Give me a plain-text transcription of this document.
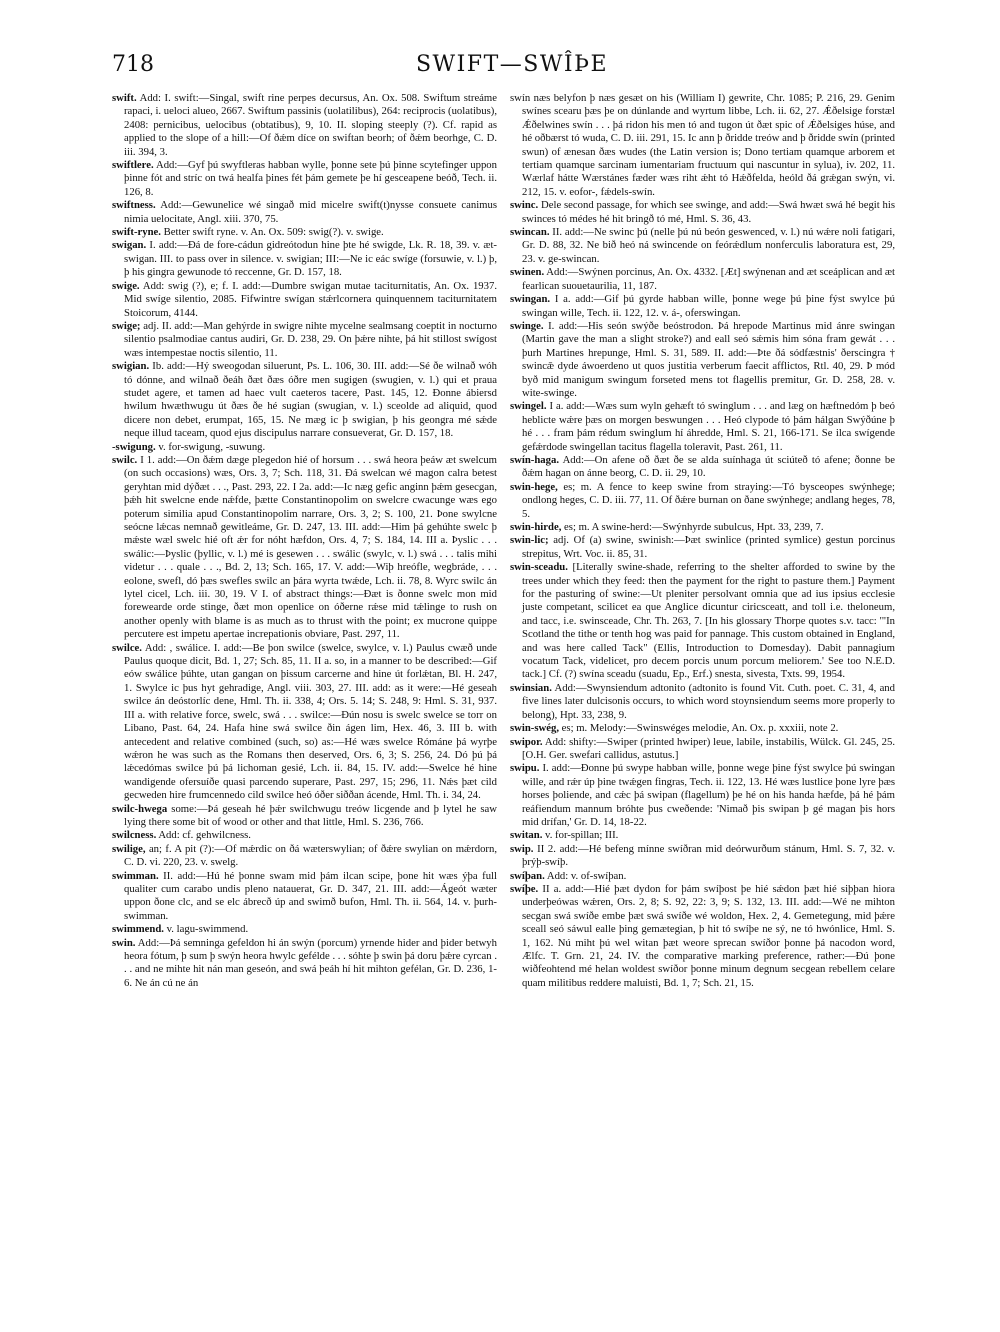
718	SWIFT—SWÎÞE

swift. Add: I. swift:—Singal, swift rine perpes decursus, An. Ox. 508. Swiftum streáme rapaci, i. ueloci alueo, 2667. Swiftum passinis (uolatilibus), 264: reciprocis (uolatibus), 2408: pernicibus, uelocibus (obtatibus), 9, 10. II. sloping steeply (?). Cf. rapid as applied to the slope of a hill:—Of ðǽm díce on swiftan beorh; of ðǽm beorhge, C. D. iii. 394, 3.

swiftlere. Add:—Gyf þú swyftleras habban wylle, þonne sete þú þinne scytefinger uppon þinne fót and stríc on twá healfa þines fét þám gemete þe hí gesceapene beóð, Tech. ii. 126, 8.

swiftness. Add:—Gewunelice wé singað mid micelre swift(t)nysse consuete canimus nimia uelocitate, Angl. xiii. 370, 75.

swift-ryne. Better swift ryne. v. An. Ox. 509: swig(?). v. swige.

swigan. I. add:—Ðá de fore-cádun gidreótodun hine þte hé swigde, Lk. R. 18, 39. v. æt-swigan. III. to pass over in silence. v. swigian; III:—Ne ic eác swíge (forsuwie, v. l.) þ, þ his gingra gewunode tó reccenne, Gr. D. 157, 18.

swige. Add: swig (?), e; f. I. add:—Dumbre swigan mutae taciturnitatis, An. Ox. 1937. Mid swíge silentio, 2085. Fifwintre swígan stǽrlcornera quinquennem taciturnitatem Stoicorum, 4144.

swige; adj. II. add:—Man gehýrde in swigre nihte mycelne sealmsang coeptit in nocturno silentio psalmodiae cantus audiri, Gr. D. 238, 29. On þǽre nihte, þá hit stillost swígost wæs intempestae noctis silentio, 11.

swigian. Ib. add:—Hý sweogodan siluerunt, Ps. L. 106, 30. III. add:—Sé ðe wilnað wóh tó dónne, and wilnað ðeáh ðæt ðæs óðre men sugigen (swugien, v. l.) qui et praua studet agere, et tamen ad haec vult caeteros tacere, Past. 145, 12. Ðonne ábiersd hwilum hwæthwugu út ðæs ðe hé sugian (swugian, v. l.) sceolde ad aliquid, quod dicere non debet, erumpat, 165, 15. Ne mæg ic þ swigian, þ his geongra mé sǽde neque illud taceam, quod ejus discipulus narrare consueverat, Gr. D. 157, 18.

-swigung. v. for-swigung, -suwung.

swilc. I 1. add:—On ðǽm dæge plegedon hié of horsum . . . swá heora þeáw æt swelcum (on such occasions) wæs, Ors. 3, 7; Sch. 118, 31. Ðá swelcan wé magon calra betest geryhtan mid dýðæt . . ., Past. 293, 22. I 2a. add:—Ic næg gefic anginn þǽm gesecgan, þǽh hit swelcne ende nǽfde, þætte Constantinopolim on swelcre cwacunge wæs ego poterum similia apud Constantinopolim narrare, Ors. 3, 2; S. 100, 21. Þone swylcne seócne lǽcas nemnað gewitleáme, Gr. D. 247, 13. III. add:—Him þá gehúhte swelc þ mǽste wæl swelc hié oft ǽr for nóht hæfdon, Ors. 4, 7; S. 184, 14. III a. Þyslic . . . swálic:—Þyslic (þyllic, v. l.) mé is gesewen . . . swálic (swylc, v. l.) swá . . . talis mihi videtur . . . quale . . ., Bd. 2, 13; Sch. 165, 17. V. add:—Wiþ hreófle, wegbráde, . . . eolone, swefl, dó þæs swefles swilc an þára wyrta twǽde, Lch. ii. 78, 8. Wyrc swilc án lytel cicel, Lch. iii. 30, 19. V I. of abstract things:—Ðæt is ðonne swelc mon mid forewearde orde stinge, ðæt mon openlice on óðerne rǽse mid tǽlinge to rush on another openly with blame is as much as to thrust with the point; ex mucrone quippe percutere est impetu apertae increpationis obviare, Past. 297, 11.

swilce. Add: , swálice. I. add:—Be þon swilce (swelce, swylce, v. l.) Paulus cwæð unde Paulus quoque dicit, Bd. 1, 27; Sch. 85, 11. II a. so, in a manner to be described:—Gif eów swálice þúhte, utan gangan on þissum carcerne and hine út forlǽtan, Bl. H. 247, 1. Swylce ic þus hyt gehradige, Angl. viii. 303, 27. III. add: as it were:—Hé geseah swilce án deóstorlíc dene, Hml. Th. ii. 338, 4; Ors. 5. 14; S. 248, 9: Hml. S. 31, 937. III a. with relative force, swelc, swá . . . swilce:—Ðún nosu is swelc swelce se torr on Libano, Past. 64, 24. Hafa hine swá swilce ðin ágen lim, Hex. 46, 3. III b. with antecedent and relative combined (such, so) as:—Hé wæs swelce Rómáne þá wyrþe wǽron he was such as the Romans then deserved, Ors. 6, 3; S. 256, 24. Dó þú þá lǽcedómas swilce þú þá lichoman gesié, Lch. ii. 84, 15. IV. add:—Swelce hé hine wandigende ofersuíðe quasi parcendo superare, Past. 297, 15; 296, 11. Nǽs þæt cild gecweden hire frumcennedo cild swilce heó óðer siððan ácende, Hml. Th. i. 34, 24.

swilc-hwega some:—Þá geseah hé þǽr swilchwugu treów licgende and þ lytel he saw lying there some bit of wood or other and that little, Hml. S. 236, 766.

swilcness. Add: cf. gehwilcness.

swilige, an; f. A pit (?):—Of mǽrdic on ðá wæterswylian; of ðǽre swylian on mǽrdorn, C. D. vi. 220, 23. v. swelg.

swimman. II. add:—Hú hé þonne swam mid þám ilcan scipe, þone hit wæs ýþa full qualiter cum carabo undis pleno natauerat, Gr. D. 347, 21. III. add:—Ágeót wæter uppon ðone clc, and se elc ábrecð úp and swimð bufon, Hml. Th. ii. 564, 14. v. þurh-swimman.

swimmend. v. lagu-swimmend.

swin. Add:—Þá semninga gefeldon hi án swýn (porcum) yrnende hider and þider betwyh heora fótum, þ sum þ swýn heora hwylc gefélde . . . sóhte þ swin þá doru þǽre cyrcan . . . and ne mihte hit nán man geseón, and swá þeáh hí hit mihton gefélan, Gr. D. 236, 1-6. Ne án cú ne án

swín næs belyfon þ næs gesæt on his (William I) gewrite, Chr. 1085; P. 216, 29. Genim swínes scearu þæs þe on dúnlande and wyrtum libbe, Lch. ii. 62, 27. Ǽðelsige forstæl Ǽðelwines swín . . . þá ridon his men tó and tugon út ðæt spic of Ǽðelsiges húse, and hé oðbærst tó wuda, C. D. iii. 291, 15. Ic ann þ ðridde treów and þ ðridde swín (printed swun) of ænesan ðæs wudes (the Latin version is; Dono tertiam quamque arborem et tertiam quamque sarcinam iumentariam fructuum qui nascuntur in sylua), iv. 202, 11. Wærlaf hátte Wærstánes fæder wæs riht ǽht tó Hǽðfelda, heóld ðá grǽgan swýn, vi. 212, 15. v. eofor-, fǽdels-swín.

swinc. Dele second passage, for which see swinge, and add:—Swá hwæt swá hé begit his swinces tó médes hé hit bringð tó mé, Hml. S. 36, 43.

swincan. II. add:—Ne swinc þú (nelle þú nú beón geswenced, v. l.) nú wǽre noli fatigari, Gr. D. 88, 32. Ne bið heó ná swincende on feórǽdlum nonferculis laboratura est, 29, 23. v. ge-swincan.

swinen. Add:—Swýnen porcinus, An. Ox. 4332. [Æt] swýnenan and æt sceáplican and æt fearlican suouetaurilia, 11, 187.

swingan. I a. add:—Gif þú gyrde habban wille, þonne wege þú þine fýst swylce þú swingan wille, Tech. ii. 122, 12. v. á-, oferswingan.

swinge. I. add:—His seón swýðe beóstrodon. Þá hrepode Martinus mid ánre swingan (Martin gave the man a slight stroke?) and eall seó sǽmis him sóna fram gewát . . . þurh Martines hrepunge, Hml. S. 31, 589. II. add:—Þte ðá sódfæstnis' ðerscingra † swincǣ dyde áwoerdeno ut quos justitia verberum faecit afflictos, Rtl. 40, 29. Þ mód byð mid manigum swingum forseted mens tot flagellis premitur, Gr. D. 258, 28. v. wite-swinge.

swingel. I a. add:—Wæs sum wyln gehæft tó swinglum . . . and læg on hæftnedóm þ beó heblicte wǽre þæs on morgen beswungen . . . Heó clypode tó þám hálgan Swýðúne þ hé . . . fram þám rédum swinglum hí áhredde, Hml. S. 21, 166-171. Se ilca swígende gefǽrdode swingellan tacitus flagella toleravit, Past. 261, 11.

swín-haga. Add:—On afene oð ðæt ðe se alda suínhaga út sciúteð tó afene; ðonne be ðǽm hagan on ánne beorg, C. D. ii. 29, 10.

swin-hege, es; m. A fence to keep swine from straying:—Tó bysceopes swýnhege; ondlong heges, C. D. iii. 77, 11. Of ðǽre burnan on ðane swýnhege; andlang heges, 78, 5.

swin-hirde, es; m. A swine-herd:—Swýnhyrde subulcus, Hpt. 33, 239, 7.

swin-lic; adj. Of (a) swine, swinish:—Þæt swinlice (printed symlice) gestun porcinus strepitus, Wrt. Voc. ii. 85, 31.

swin-sceadu. [Literally swine-shade, referring to the shelter afforded to swine by the trees under which they feed: then the payment for the right to pasture them.] Payment for the pasturing of swine:—Ut pleniter persolvant omnia que ad ius ipsius ecclesie juste competant, scilicet ea que Anglice dicuntur ciricsceatt, and toll i.e. theloneum, and tacc, i.e. swinsceade, Chr. Th. 263, 7. [In his glossary Thorpe quotes s.v. tacc: '"In Scotland the tithe or tenth hog was paid for pannage. This custom obtained in England, and was here called Tack" (Ellis, Introduction to Domesday). Dabit pannagium vocatum Tack, videlicet, pro decem porcis unum porcum meliorem.' See too N.E.D. tack.] Cf. (?) swína sceadu (suadu, Ep., Erf.) snesta, sivesta, Txts. 99, 1954.

swinsian. Add:—Swynsiendum adtonito (adtonito is found Vit. Cuth. poet. C. 31, 4, and five lines later dulcisonis occurs, to which word stoynsiendum seems more properly to belong), Hpt. 33, 238, 9.

swin-swég, es; m. Melody:—Swinswéges melodie, An. Ox. p. xxxiii, note 2.

swipor. Add: shifty:—Swiper (printed hwiper) leue, labile, instabilis, Wülck. Gl. 245, 25. [O.H. Ger. swefari callidus, astutus.]

swipu. I. add:—Ðonne þú swype habban wille, þonne wege þine fýst swylce þú swingan wille, and rǽr úp þine twǽgen fingras, Tech. ii. 122, 13. Hé wæs lustlice þone lyre þæs horses þoliende, and cǽc þá swipan (flagellum) þe hé on his handa hæfde, þá hé þám reáfiendum mannum bróhte þus cweðende: 'Nimað þis swipan þ gé magan þis hors mid drífan,' Gr. D. 14, 18-22.

switan. v. for-spillan; III.

swip. II 2. add:—Hé befeng mínne swíðran mid deórwurðum stánum, Hml. S. 7, 32. v. þrýþ-swíþ.

swíþan. Add: v. of-swíþan.

swíþe. II a. add:—Hié þæt dydon for þám swíþost þe hié sǽdon þæt hié siþþan hiora underþeówas wǽren, Ors. 2, 8; S. 92, 22: 3, 9; S. 132, 13. III. add:—Wé ne mihton secgan swá swíðe embe þæt swá swíðe wé woldon, Hex. 2, 4. Gemetegung, mid þǽre sceall seó sáwul ealle þing gemætegian, þ hit tó swíþe ne sý, ne tó hwónlice, Hml. S. 1, 162. Nú miht þú wel witan þæt weore sprecan swíðor þonne þá nacodon word, Ælfc. T. Grn. 21, 24. IV. the comparative marking preference, rather:—Ðú þone wiðfeohtend mé helan woldest swíðor þonne minum degnum secgean rebellem celare quam militibus reddere maluisti, Bd. 1, 7; Sch. 21, 15.
